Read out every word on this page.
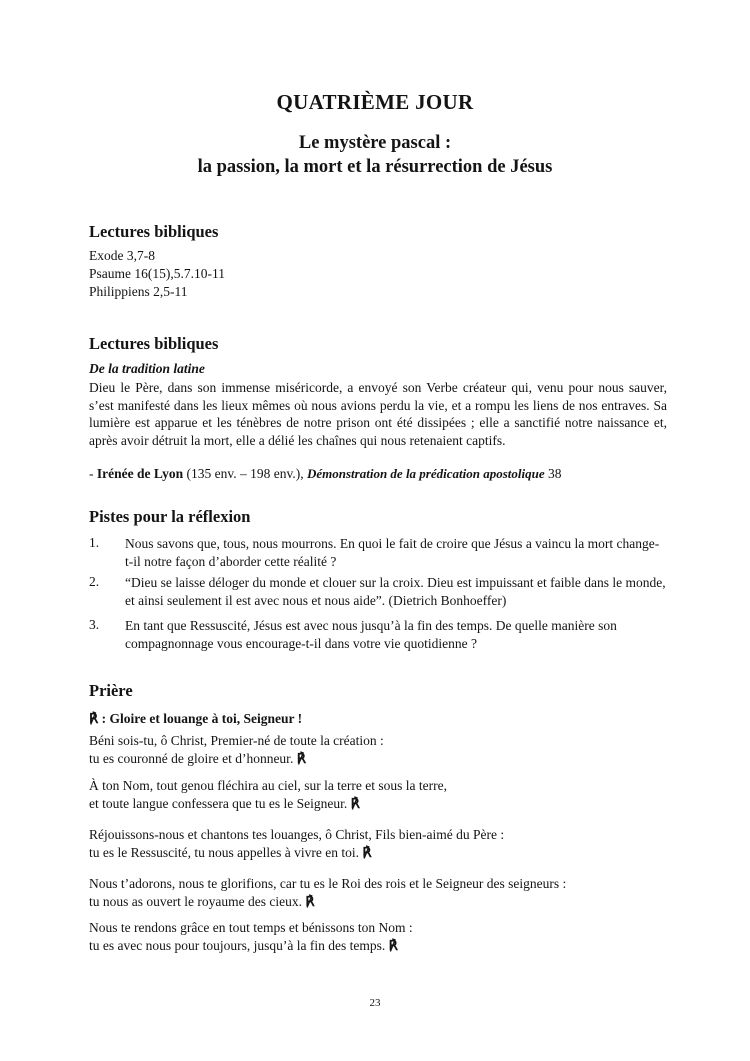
QUATRIÈME JOUR
Le mystère pascal :
la passion, la mort et la résurrection de Jésus
Lectures bibliques
Exode 3,7-8
Psaume 16(15),5.7.10-11
Philippiens 2,5-11
Lectures bibliques
De la tradition latine
Dieu le Père, dans son immense miséricorde, a envoyé son Verbe créateur qui, venu pour nous sauver, s’est manifesté dans les lieux mêmes où nous avions perdu la vie, et a rompu les liens de nos entraves. Sa lumière est apparue et les ténèbres de notre prison ont été dissipées ; elle a sanctifié notre naissance et, après avoir détruit la mort, elle a délié les chaînes qui nous retenaient captifs.
- Irénée de Lyon (135 env. – 198 env.), Démonstration de la prédication apostolique 38
Pistes pour la réflexion
1. Nous savons que, tous, nous mourrons. En quoi le fait de croire que Jésus a vaincu la mort change-t-il notre façon d’aborder cette réalité ?
2. “Dieu se laisse déloger du monde et clouer sur la croix. Dieu est impuissant et faible dans le monde, et ainsi seulement il est avec nous et nous aide”. (Dietrich Bonhoeffer)
3. En tant que Ressuscité, Jésus est avec nous jusqu’à la fin des temps. De quelle manière son compagnonnage vous encourage-t-il dans votre vie quotidienne ?
Prière
℟ : Gloire et louange à toi, Seigneur !
Béni sois-tu, ô Christ, Premier-né de toute la création :
tu es couronné de gloire et d’honneur. ℟
À ton Nom, tout genou fléchira au ciel, sur la terre et sous la terre,
et toute langue confessera que tu es le Seigneur. ℟
Réjouissons-nous et chantons tes louanges, ô Christ, Fils bien-aimé du Père :
tu es le Ressuscité, tu nous appelles à vivre en toi. ℟
Nous t’adorons, nous te glorifions, car tu es le Roi des rois et le Seigneur des seigneurs :
tu nous as ouvert le royaume des cieux. ℟
Nous te rendons grâce en tout temps et bénissons ton Nom :
tu es avec nous pour toujours, jusqu’à la fin des temps. ℟
23
